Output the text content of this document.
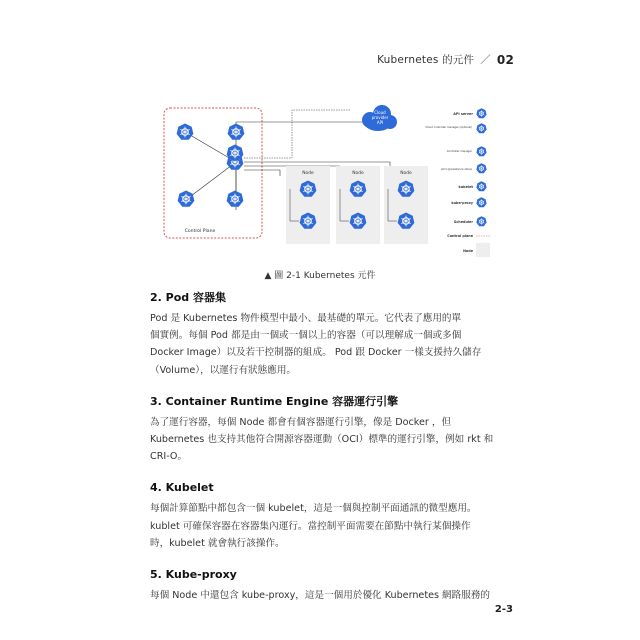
Kubernetes 的元件 ／ 02
Control Plane
Cloud
provider
API
Node	Node	Node
API server
Cloud controller manager (optional)
Controller manager
etcd (persistence store)
kubelet
kube-proxy
Scheduler
Control plane
Node
▲ 圖 2-1 Kubernetes 元件
2. Pod 容器集
Pod 是 Kubernetes 物件模型中最小、最基礎的單元。它代表了應用的單
個實例。每個 Pod 都是由一個或一個以上的容器（可以理解成一個或多個
Docker Image）以及若干控制器的組成。 Pod 跟 Docker 一樣支援持久儲存
（Volume），以運行有狀態應用。
3. Container Runtime Engine 容器運行引擎
為了運行容器，每個 Node 都會有個容器運行引擎，像是 Docker ，但
Kubernetes 也支持其他符合開源容器運動（OCI）標準的運行引擎，例如 rkt 和
CRI-O。
4. Kubelet
每個計算節點中都包含一個 kubelet，這是一個與控制平面通訊的微型應用。
kublet 可確保容器在容器集內運行。當控制平面需要在節點中執行某個操作
時，kubelet 就會執行該操作。
5. Kube-proxy
每個 Node 中還包含 kube-proxy，這是一個用於優化 Kubernetes 網路服務的
2-3
